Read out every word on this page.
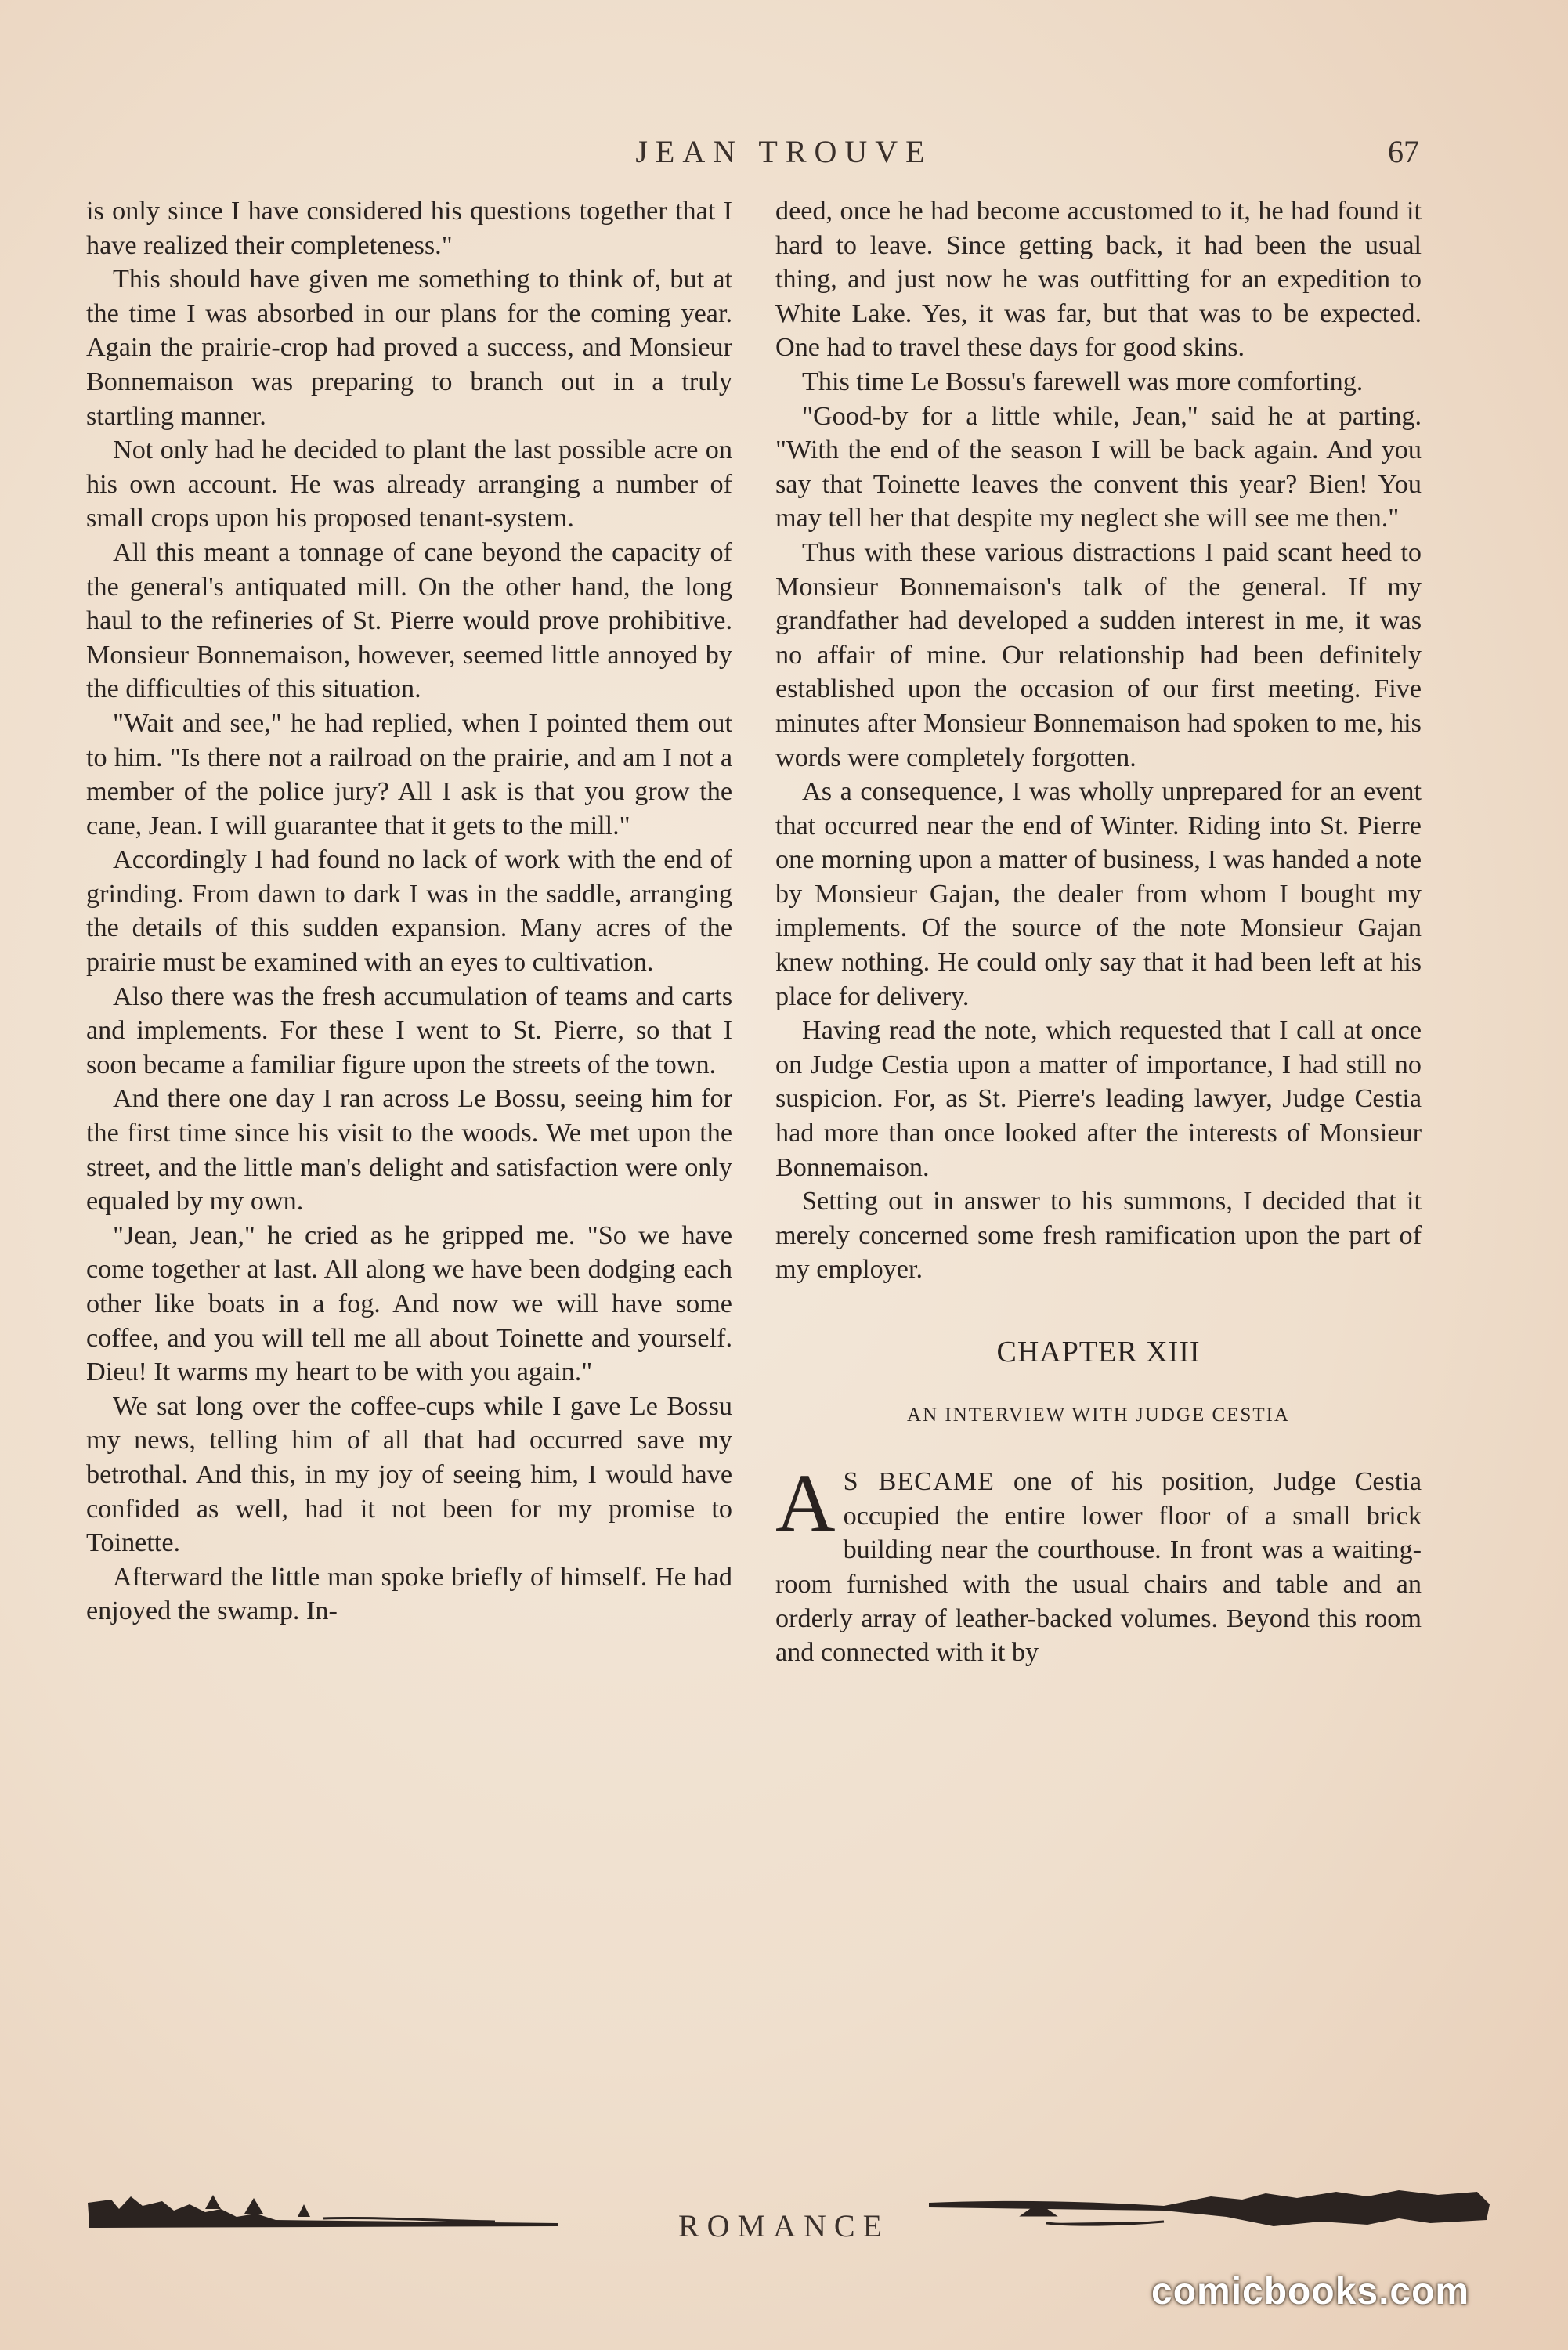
JEAN TROUVE	67

is only since I have considered his questions together that I have realized their completeness."

This should have given me something to think of, but at the time I was absorbed in our plans for the coming year. Again the prairie-crop had proved a success, and Monsieur Bonnemaison was preparing to branch out in a truly startling manner.

Not only had he decided to plant the last possible acre on his own account. He was already arranging a number of small crops upon his proposed tenant-system.

All this meant a tonnage of cane beyond the capacity of the general's antiquated mill. On the other hand, the long haul to the refineries of St. Pierre would prove prohibitive. Monsieur Bonnemaison, however, seemed little annoyed by the difficulties of this situation.

"Wait and see," he had replied, when I pointed them out to him. "Is there not a railroad on the prairie, and am I not a member of the police jury? All I ask is that you grow the cane, Jean. I will guarantee that it gets to the mill."

Accordingly I had found no lack of work with the end of grinding. From dawn to dark I was in the saddle, arranging the details of this sudden expansion. Many acres of the prairie must be examined with an eyes to cultivation.

Also there was the fresh accumulation of teams and carts and implements. For these I went to St. Pierre, so that I soon became a familiar figure upon the streets of the town.

And there one day I ran across Le Bossu, seeing him for the first time since his visit to the woods. We met upon the street, and the little man's delight and satisfaction were only equaled by my own.

"Jean, Jean," he cried as he gripped me. "So we have come together at last. All along we have been dodging each other like boats in a fog. And now we will have some coffee, and you will tell me all about Toinette and yourself. Dieu! It warms my heart to be with you again."

We sat long over the coffee-cups while I gave Le Bossu my news, telling him of all that had occurred save my betrothal. And this, in my joy of seeing him, I would have confided as well, had it not been for my promise to Toinette.

Afterward the little man spoke briefly of himself. He had enjoyed the swamp. In-

deed, once he had become accustomed to it, he had found it hard to leave. Since getting back, it had been the usual thing, and just now he was outfitting for an expedition to White Lake. Yes, it was far, but that was to be expected. One had to travel these days for good skins.

This time Le Bossu's farewell was more comforting.

"Good-by for a little while, Jean," said he at parting. "With the end of the season I will be back again. And you say that Toinette leaves the convent this year? Bien! You may tell her that despite my neglect she will see me then."

Thus with these various distractions I paid scant heed to Monsieur Bonnemaison's talk of the general. If my grandfather had developed a sudden interest in me, it was no affair of mine. Our relationship had been definitely established upon the occasion of our first meeting. Five minutes after Monsieur Bonnemaison had spoken to me, his words were completely forgotten.

As a consequence, I was wholly unprepared for an event that occurred near the end of Winter. Riding into St. Pierre one morning upon a matter of business, I was handed a note by Monsieur Gajan, the dealer from whom I bought my implements. Of the source of the note Monsieur Gajan knew nothing. He could only say that it had been left at his place for delivery.

Having read the note, which requested that I call at once on Judge Cestia upon a matter of importance, I had still no suspicion. For, as St. Pierre's leading lawyer, Judge Cestia had more than once looked after the interests of Monsieur Bonnemaison.

Setting out in answer to his summons, I decided that it merely concerned some fresh ramification upon the part of my employer.

CHAPTER XIII
AN INTERVIEW WITH JUDGE CESTIA

AS BECAME one of his position, Judge Cestia occupied the entire lower floor of a small brick building near the courthouse. In front was a waiting-room furnished with the usual chairs and table and an orderly array of leather-backed volumes. Beyond this room and connected with it by

ROMANCE
comicbooks.com
